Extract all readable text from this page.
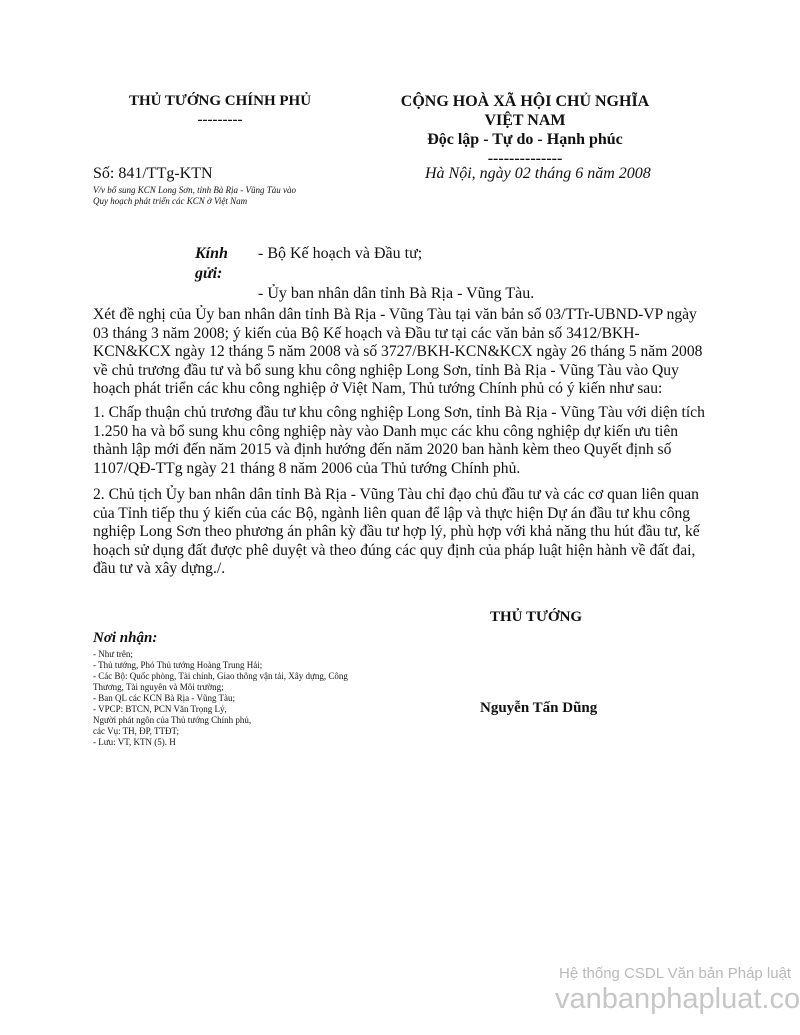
THỦ TƯỚNG CHÍNH PHỦ
---------
CỘNG HOÀ XÃ HỘI CHỦ NGHĨA
VIỆT NAM
Độc lập - Tự do - Hạnh phúc
--------------
Số: 841/TTg-KTN	Hà Nội, ngày 02 tháng 6 năm 2008
V/v bổ sung KCN Long Sơn, tỉnh Bà Rịa - Vũng Tàu vào
Quy hoạch phát triển các KCN ở Việt Nam
Kính gửi:
- Bộ Kế hoạch và Đầu tư;
- Ủy ban nhân dân tỉnh Bà Rịa - Vũng Tàu.

Xét đề nghị của Ủy ban nhân dân tỉnh Bà Rịa - Vũng Tàu tại văn bản số 03/TTr-UBND-VP ngày 03 tháng 3 năm 2008; ý kiến của Bộ Kế hoạch và Đầu tư tại các văn bản số 3412/BKH-KCN&KCX ngày 12 tháng 5 năm 2008 và số 3727/BKH-KCN&KCX ngày 26 tháng 5 năm 2008 về chủ trương đầu tư và bổ sung khu công nghiệp Long Sơn, tỉnh Bà Rịa - Vũng Tàu vào Quy hoạch phát triển các khu công nghiệp ở Việt Nam, Thủ tướng Chính phủ có ý kiến như sau:

1. Chấp thuận chủ trương đầu tư khu công nghiệp Long Sơn, tỉnh Bà Rịa - Vũng Tàu với diện tích 1.250 ha và bổ sung khu công nghiệp này vào Danh mục các khu công nghiệp dự kiến ưu tiên thành lập mới đến năm 2015 và định hướng đến năm 2020 ban hành kèm theo Quyết định số 1107/QĐ-TTg ngày 21 tháng 8 năm 2006 của Thủ tướng Chính phủ.

2. Chủ tịch Ủy ban nhân dân tỉnh Bà Rịa - Vũng Tàu chỉ đạo chủ đầu tư và các cơ quan liên quan của Tỉnh tiếp thu ý kiến của các Bộ, ngành liên quan để lập và thực hiện Dự án đầu tư khu công nghiệp Long Sơn theo phương án phân kỳ đầu tư hợp lý, phù hợp với khả năng thu hút đầu tư, kế hoạch sử dụng đất được phê duyệt và theo đúng các quy định của pháp luật hiện hành về đất đai, đầu tư và xây dựng./.

THỦ TƯỚNG
Nguyễn Tấn Dũng
Nơi nhận:
- Như trên;
- Thủ tướng, Phó Thủ tướng Hoàng Trung Hải;
- Các Bộ: Quốc phòng, Tài chính, Giao thông vận tải, Xây dựng, Công
Thương, Tài nguyên và Môi trường;
- Ban QL các KCN Bà Rịa - Vũng Tàu;
- VPCP: BTCN, PCN Văn Trọng Lý,
Người phát ngôn của Thủ tướng Chính phủ,
các Vụ: TH, ĐP, TTĐT;
- Lưu: VT, KTN (5). H
Hệ thống CSDL Văn bản Pháp luật
vanbanphapluat.co
